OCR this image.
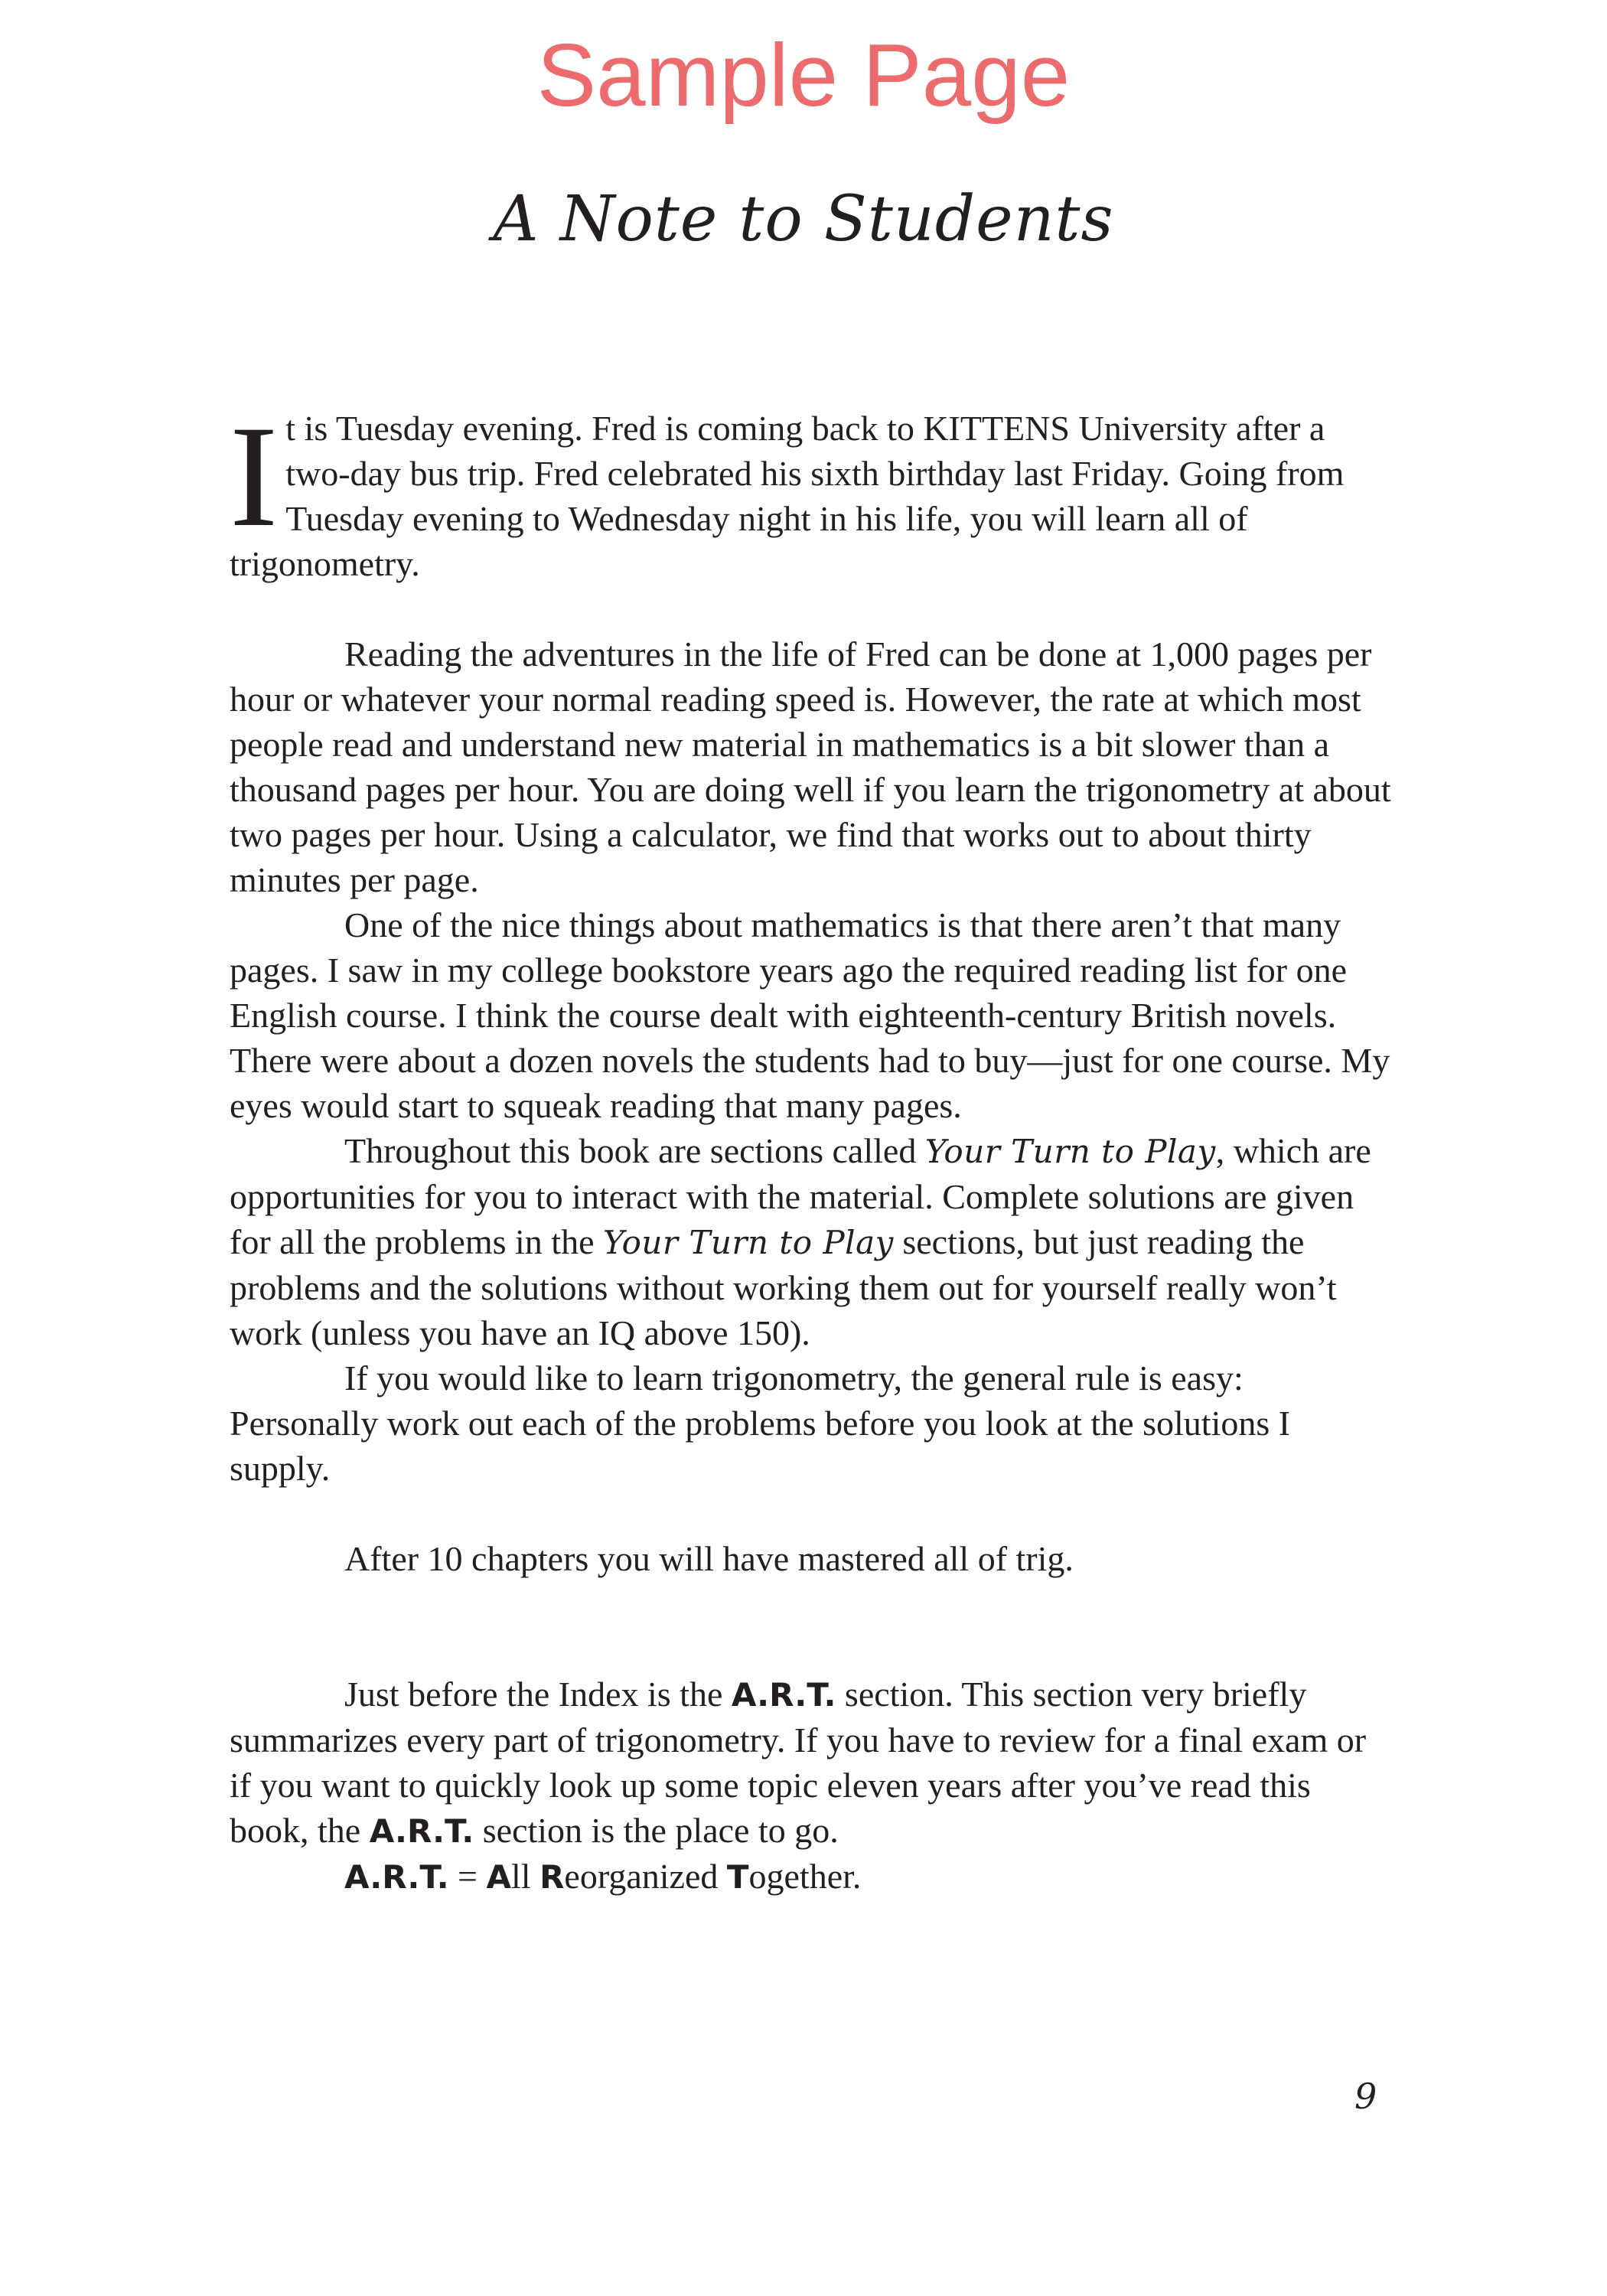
Sample Page
A Note to Students

It is Tuesday evening. Fred is coming back to KITTENS University after a two-day bus trip. Fred celebrated his sixth birthday last Friday. Going from Tuesday evening to Wednesday night in his life, you will learn all of trigonometry.

Reading the adventures in the life of Fred can be done at 1,000 pages per hour or whatever your normal reading speed is. However, the rate at which most people read and understand new material in mathematics is a bit slower than a thousand pages per hour. You are doing well if you learn the trigonometry at about two pages per hour. Using a calculator, we find that works out to about thirty minutes per page.

One of the nice things about mathematics is that there aren’t that many pages. I saw in my college bookstore years ago the required reading list for one English course. I think the course dealt with eighteenth-century British novels. There were about a dozen novels the students had to buy—just for one course. My eyes would start to squeak reading that many pages.

Throughout this book are sections called Your Turn to Play, which are opportunities for you to interact with the material. Complete solutions are given for all the problems in the Your Turn to Play sections, but just reading the problems and the solutions without working them out for yourself really won’t work (unless you have an IQ above 150).

If you would like to learn trigonometry, the general rule is easy: Personally work out each of the problems before you look at the solutions I supply.

After 10 chapters you will have mastered all of trig.

Just before the Index is the A.R.T. section. This section very briefly summarizes every part of trigonometry. If you have to review for a final exam or if you want to quickly look up some topic eleven years after you’ve read this book, the A.R.T. section is the place to go.

A.R.T. = All Reorganized Together.

9
